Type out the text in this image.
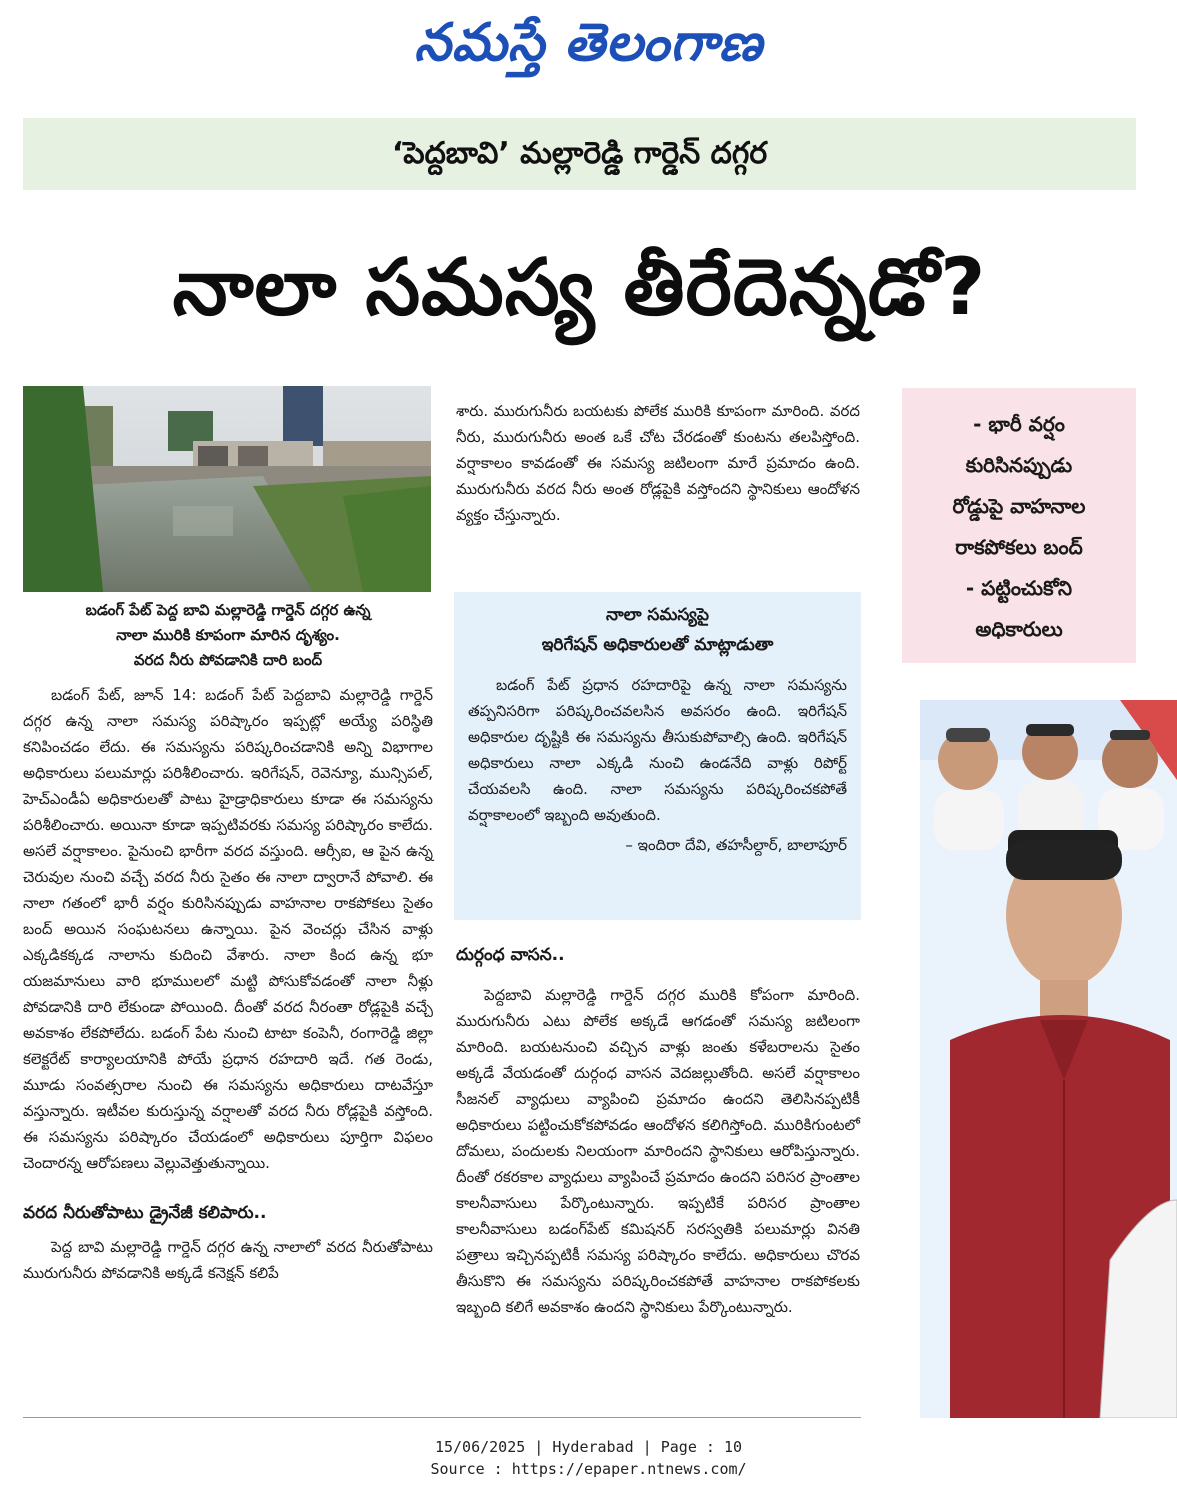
నమస్తే తెలంగాణ
‘పెద్దబావి’ మల్లారెడ్డి గార్డెన్ దగ్గర
నాలా సమస్య తీరేదెన్నడో?
బడంగ్ పేట్ పెద్ద బావి మల్లారెడ్డి గార్డెన్ దగ్గర ఉన్న
నాలా మురికి కూపంగా మారిన దృశ్యం.
వరద నీరు పోవడానికి దారి బంద్

బడంగ్ పేట్, జూన్ 14: బడంగ్ పేట్ పెద్దబావి మల్లారెడ్డి గార్డెన్ దగ్గర ఉన్న నాలా సమస్య పరిష్కారం ఇప్పట్లో అయ్యే పరిస్థితి కనిపించడం లేదు. ఈ సమస్యను పరిష్కరించడానికి అన్ని విభాగాల అధికారులు పలుమార్లు పరిశీలించారు. ఇరిగేషన్, రెవెన్యూ, మున్సిపల్, హెచ్ఎండీఏ అధికారులతో పాటు హైడ్రాధికారులు కూడా ఈ సమస్యను పరిశీలించారు. అయినా కూడా ఇప్పటివరకు సమస్య పరిష్కారం కాలేదు. అసలే వర్షాకాలం. పైనుంచి భారీగా వరద వస్తుంది. ఆర్సీఐ, ఆ పైన ఉన్న చెరువుల నుంచి వచ్చే వరద నీరు సైతం ఈ నాలా ద్వారానే పోవాలి. ఈ నాలా గతంలో భారీ వర్షం కురిసినప్పుడు వాహనాల రాకపోకలు సైతం బంద్ అయిన సంఘటనలు ఉన్నాయి. పైన వెంచర్లు చేసిన వాళ్లు ఎక్కడికక్కడ నాలాను కుదించి వేశారు. నాలా కింద ఉన్న భూ యజమానులు వారి భూములలో మట్టి పోసుకోవడంతో నాలా నీళ్లు పోవడానికి దారి లేకుండా పోయింది. దీంతో వరద నీరంతా రోడ్లపైకి వచ్చే అవకాశం లేకపోలేదు. బడంగ్ పేట నుంచి టాటా కంపెనీ, రంగారెడ్డి జిల్లా కలెక్టరేట్ కార్యాలయానికి పోయే ప్రధాన రహదారి ఇదే. గత రెండు, మూడు సంవత్సరాల నుంచి ఈ సమస్యను అధికారులు దాటవేస్తూ వస్తున్నారు. ఇటీవల కురుస్తున్న వర్షాలతో వరద నీరు రోడ్లపైకి వస్తోంది. ఈ సమస్యను పరిష్కారం చేయడంలో అధికారులు పూర్తిగా విఫలం చెందారన్న ఆరోపణలు వెల్లువెత్తుతున్నాయి.

వరద నీరుతోపాటు డ్రైనేజీ కలిపారు..

పెద్ద బావి మల్లారెడ్డి గార్డెన్ దగ్గర ఉన్న నాలాలో వరద నీరుతోపాటు మురుగునీరు పోవడానికి అక్కడే కనెక్షన్ కలిపే

శారు. మురుగునీరు బయటకు పోలేక మురికి కూపంగా మారింది. వరద నీరు, మురుగునీరు అంత ఒకే చోట చేరడంతో కుంటను తలపిస్తోంది. వర్షాకాలం కావడంతో ఈ సమస్య జటిలంగా మారే ప్రమాదం ఉంది. మురుగునీరు వరద నీరు అంత రోడ్లపైకి వస్తోందని స్థానికులు ఆందోళన వ్యక్తం చేస్తున్నారు.

నాలా సమస్యపై
ఇరిగేషన్ అధికారులతో మాట్లాడుతా

బడంగ్ పేట్ ప్రధాన రహదారిపై ఉన్న నాలా సమస్యను తప్పనిసరిగా పరిష్కరించవలసిన అవసరం ఉంది. ఇరిగేషన్ అధికారుల దృష్టికి ఈ సమస్యను తీసుకుపోవాల్సి ఉంది. ఇరిగేషన్ అధికారులు నాలా ఎక్కడి నుంచి ఉండనేది వాళ్లు రిపోర్ట్ చేయవలసి ఉంది. నాలా సమస్యను పరిష్కరించకపోతే వర్షాకాలంలో ఇబ్బంది అవుతుంది.

– ఇందిరా దేవి, తహసీల్దార్, బాలాపూర్
దుర్గంధ వాసన..

పెద్దబావి మల్లారెడ్డి గార్డెన్ దగ్గర మురికి కోపంగా మారింది. మురుగునీరు ఎటు పోలేక అక్కడే ఆగడంతో సమస్య జటిలంగా మారింది. బయటనుంచి వచ్చిన వాళ్లు జంతు కళేబరాలను సైతం అక్కడే వేయడంతో దుర్గంధ వాసన వెదజల్లుతోంది. అసలే వర్షాకాలం సీజనల్ వ్యాధులు వ్యాపించి ప్రమాదం ఉందని తెలిసినప్పటికీ అధికారులు పట్టించుకోకపోవడం ఆందోళన కలిగిస్తోంది. మురికిగుంటలో దోమలు, పందులకు నిలయంగా మారిందని స్థానికులు ఆరోపిస్తున్నారు. దీంతో రకరకాల వ్యాధులు వ్యాపించే ప్రమాదం ఉందని పరిసర ప్రాంతాల కాలనీవాసులు పేర్కొంటున్నారు. ఇప్పటికే పరిసర ప్రాంతాల కాలనీవాసులు బడంగ్‌పేట్ కమిషనర్ సరస్వతికి పలుమార్లు వినతి పత్రాలు ఇచ్చినప్పటికీ సమస్య పరిష్కారం కాలేదు. అధికారులు చొరవ తీసుకొని ఈ సమస్యను పరిష్కరించకపోతే వాహనాల రాకపోకలకు ఇబ్బంది కలిగే అవకాశం ఉందని స్థానికులు పేర్కొంటున్నారు.

- భారీ వర్షం
కురిసినప్పుడు
రోడ్డుపై వాహనాల
రాకపోకలు బంద్
- పట్టించుకోని
అధికారులు
15/06/2025 | Hyderabad | Page : 10
Source : https://epaper.ntnews.com/
